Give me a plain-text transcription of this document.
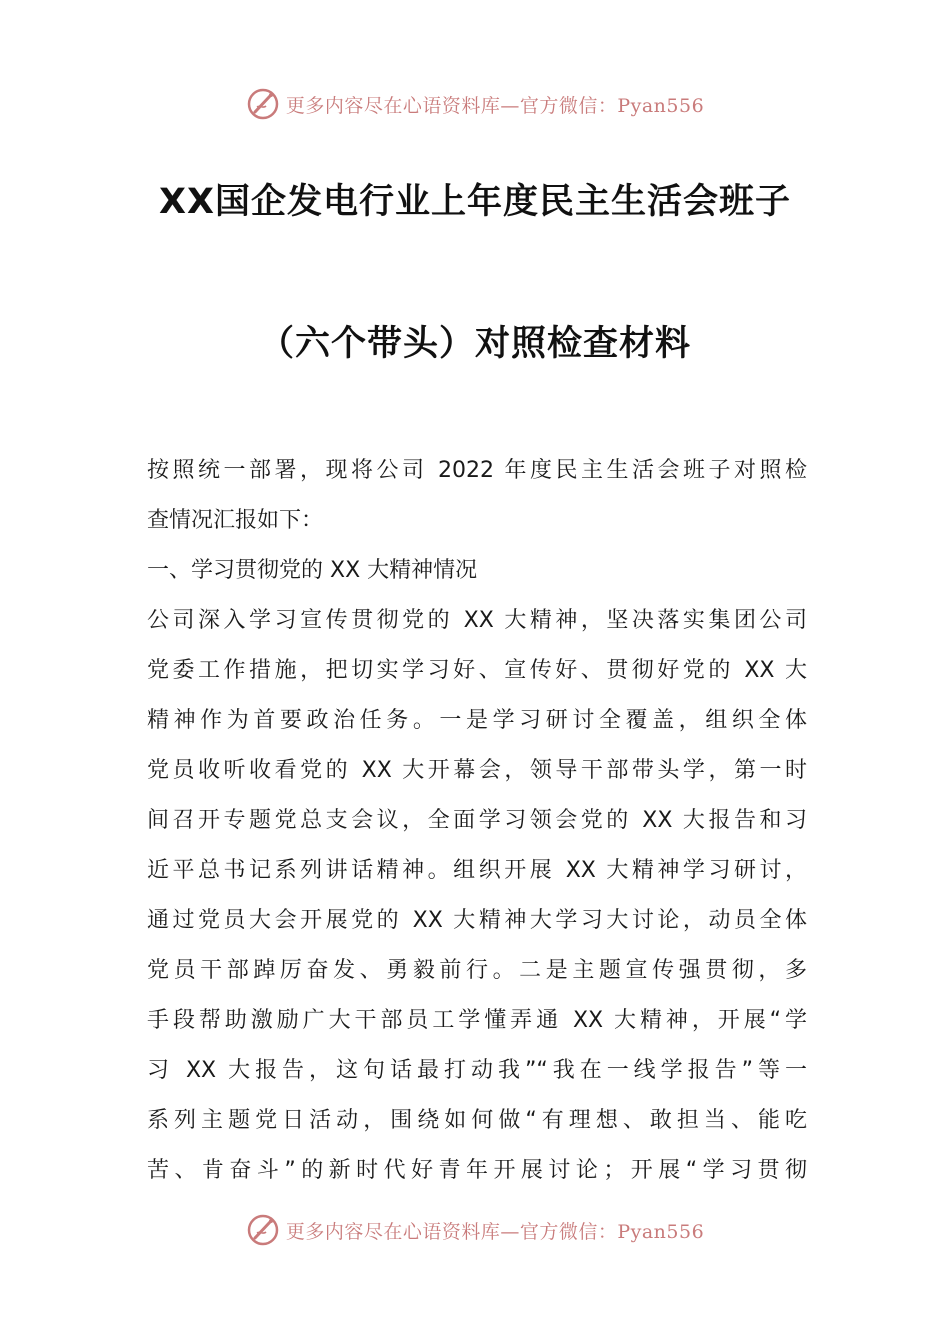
更多内容尽在心语资料库—官方微信：Pyan556
XX国企发电行业上年度民主生活会班子
（六个带头）对照检查材料
按照统一部署，现将公司 2022 年度民主生活会班子对照检
查情况汇报如下：
一、学习贯彻党的 XX 大精神情况
公司深入学习宣传贯彻党的 XX 大精神，坚决落实集团公司
党委工作措施，把切实学习好、宣传好、贯彻好党的 XX 大
精神作为首要政治任务。一是学习研讨全覆盖，组织全体
党员收听收看党的 XX 大开幕会，领导干部带头学，第一时
间召开专题党总支会议，全面学习领会党的 XX 大报告和习
近平总书记系列讲话精神。组织开展 XX 大精神学习研讨，
通过党员大会开展党的 XX 大精神大学习大讨论，动员全体
党员干部踔厉奋发、勇毅前行。二是主题宣传强贯彻，多
手段帮助激励广大干部员工学懂弄通 XX 大精神，开展“学
习 XX 大报告，这句话最打动我”“我在一线学报告”等一
系列主题党日活动，围绕如何做“有理想、敢担当、能吃
苦、肯奋斗”的新时代好青年开展讨论；开展“学习贯彻
更多内容尽在心语资料库—官方微信：Pyan556
